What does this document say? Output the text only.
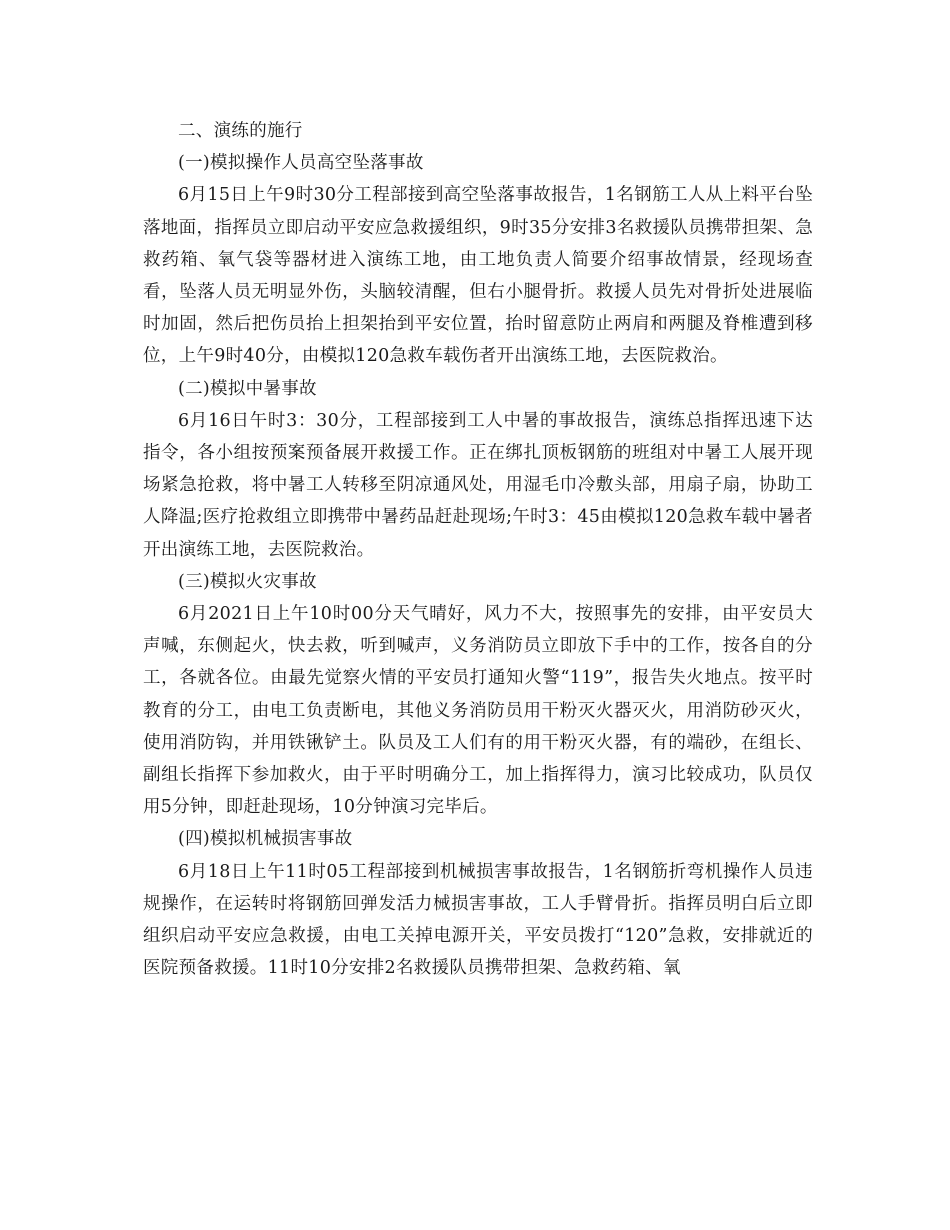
二、演练的施行

(一)模拟操作人员高空坠落事故

6月15日上午9时30分工程部接到高空坠落事故报告，1名钢筋工人从上料平台坠落地面，指挥员立即启动平安应急救援组织，9时35分安排3名救援队员携带担架、急救药箱、氧气袋等器材进入演练工地，由工地负责人简要介绍事故情景，经现场查看，坠落人员无明显外伤，头脑较清醒，但右小腿骨折。救援人员先对骨折处进展临时加固，然后把伤员抬上担架抬到平安位置，抬时留意防止两肩和两腿及脊椎遭到移位，上午9时40分，由模拟120急救车载伤者开出演练工地，去医院救治。

(二)模拟中暑事故

6月16日午时3：30分，工程部接到工人中暑的事故报告，演练总指挥迅速下达指令，各小组按预案预备展开救援工作。正在绑扎顶板钢筋的班组对中暑工人展开现场紧急抢救，将中暑工人转移至阴凉通风处，用湿毛巾冷敷头部，用扇子扇，协助工人降温;医疗抢救组立即携带中暑药品赶赴现场;午时3：45由模拟120急救车载中暑者开出演练工地，去医院救治。

(三)模拟火灾事故

6月2021日上午10时00分天气晴好，风力不大，按照事先的安排，由平安员大声喊，东侧起火，快去救，听到喊声，义务消防员立即放下手中的工作，按各自的分工，各就各位。由最先觉察火情的平安员打通知火警“119”，报告失火地点。按平时教育的分工，由电工负责断电，其他义务消防员用干粉灭火器灭火，用消防砂灭火，使用消防钩，并用铁锹铲土。队员及工人们有的用干粉灭火器，有的端砂，在组长、副组长指挥下参加救火，由于平时明确分工，加上指挥得力，演习比较成功，队员仅用5分钟，即赶赴现场，10分钟演习完毕后。

(四)模拟机械损害事故

6月18日上午11时05工程部接到机械损害事故报告，1名钢筋折弯机操作人员违规操作，在运转时将钢筋回弹发活力械损害事故，工人手臂骨折。指挥员明白后立即组织启动平安应急救援，由电工关掉电源开关，平安员拨打“120”急救，安排就近的医院预备救援。11时10分安排2名救援队员携带担架、急救药箱、氧
